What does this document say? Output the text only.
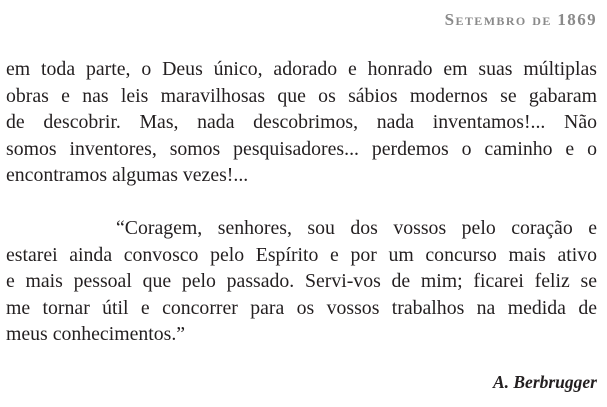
Setembro de 1869
em toda parte, o Deus único, adorado e honrado em suas múltiplas
obras e nas leis maravilhosas que os sábios modernos se gabaram
de descobrir. Mas, nada descobrimos, nada inventamos!... Não
somos inventores, somos pesquisadores... perdemos o caminho e o
encontramos algumas vezes!...
“Coragem, senhores, sou dos vossos pelo coração e
estarei ainda convosco pelo Espírito e por um concurso mais ativo
e mais pessoal que pelo passado. Servi-vos de mim; ficarei feliz se
me tornar útil e concorrer para os vossos trabalhos na medida de
meus conhecimentos.”
A. Berbrugger
